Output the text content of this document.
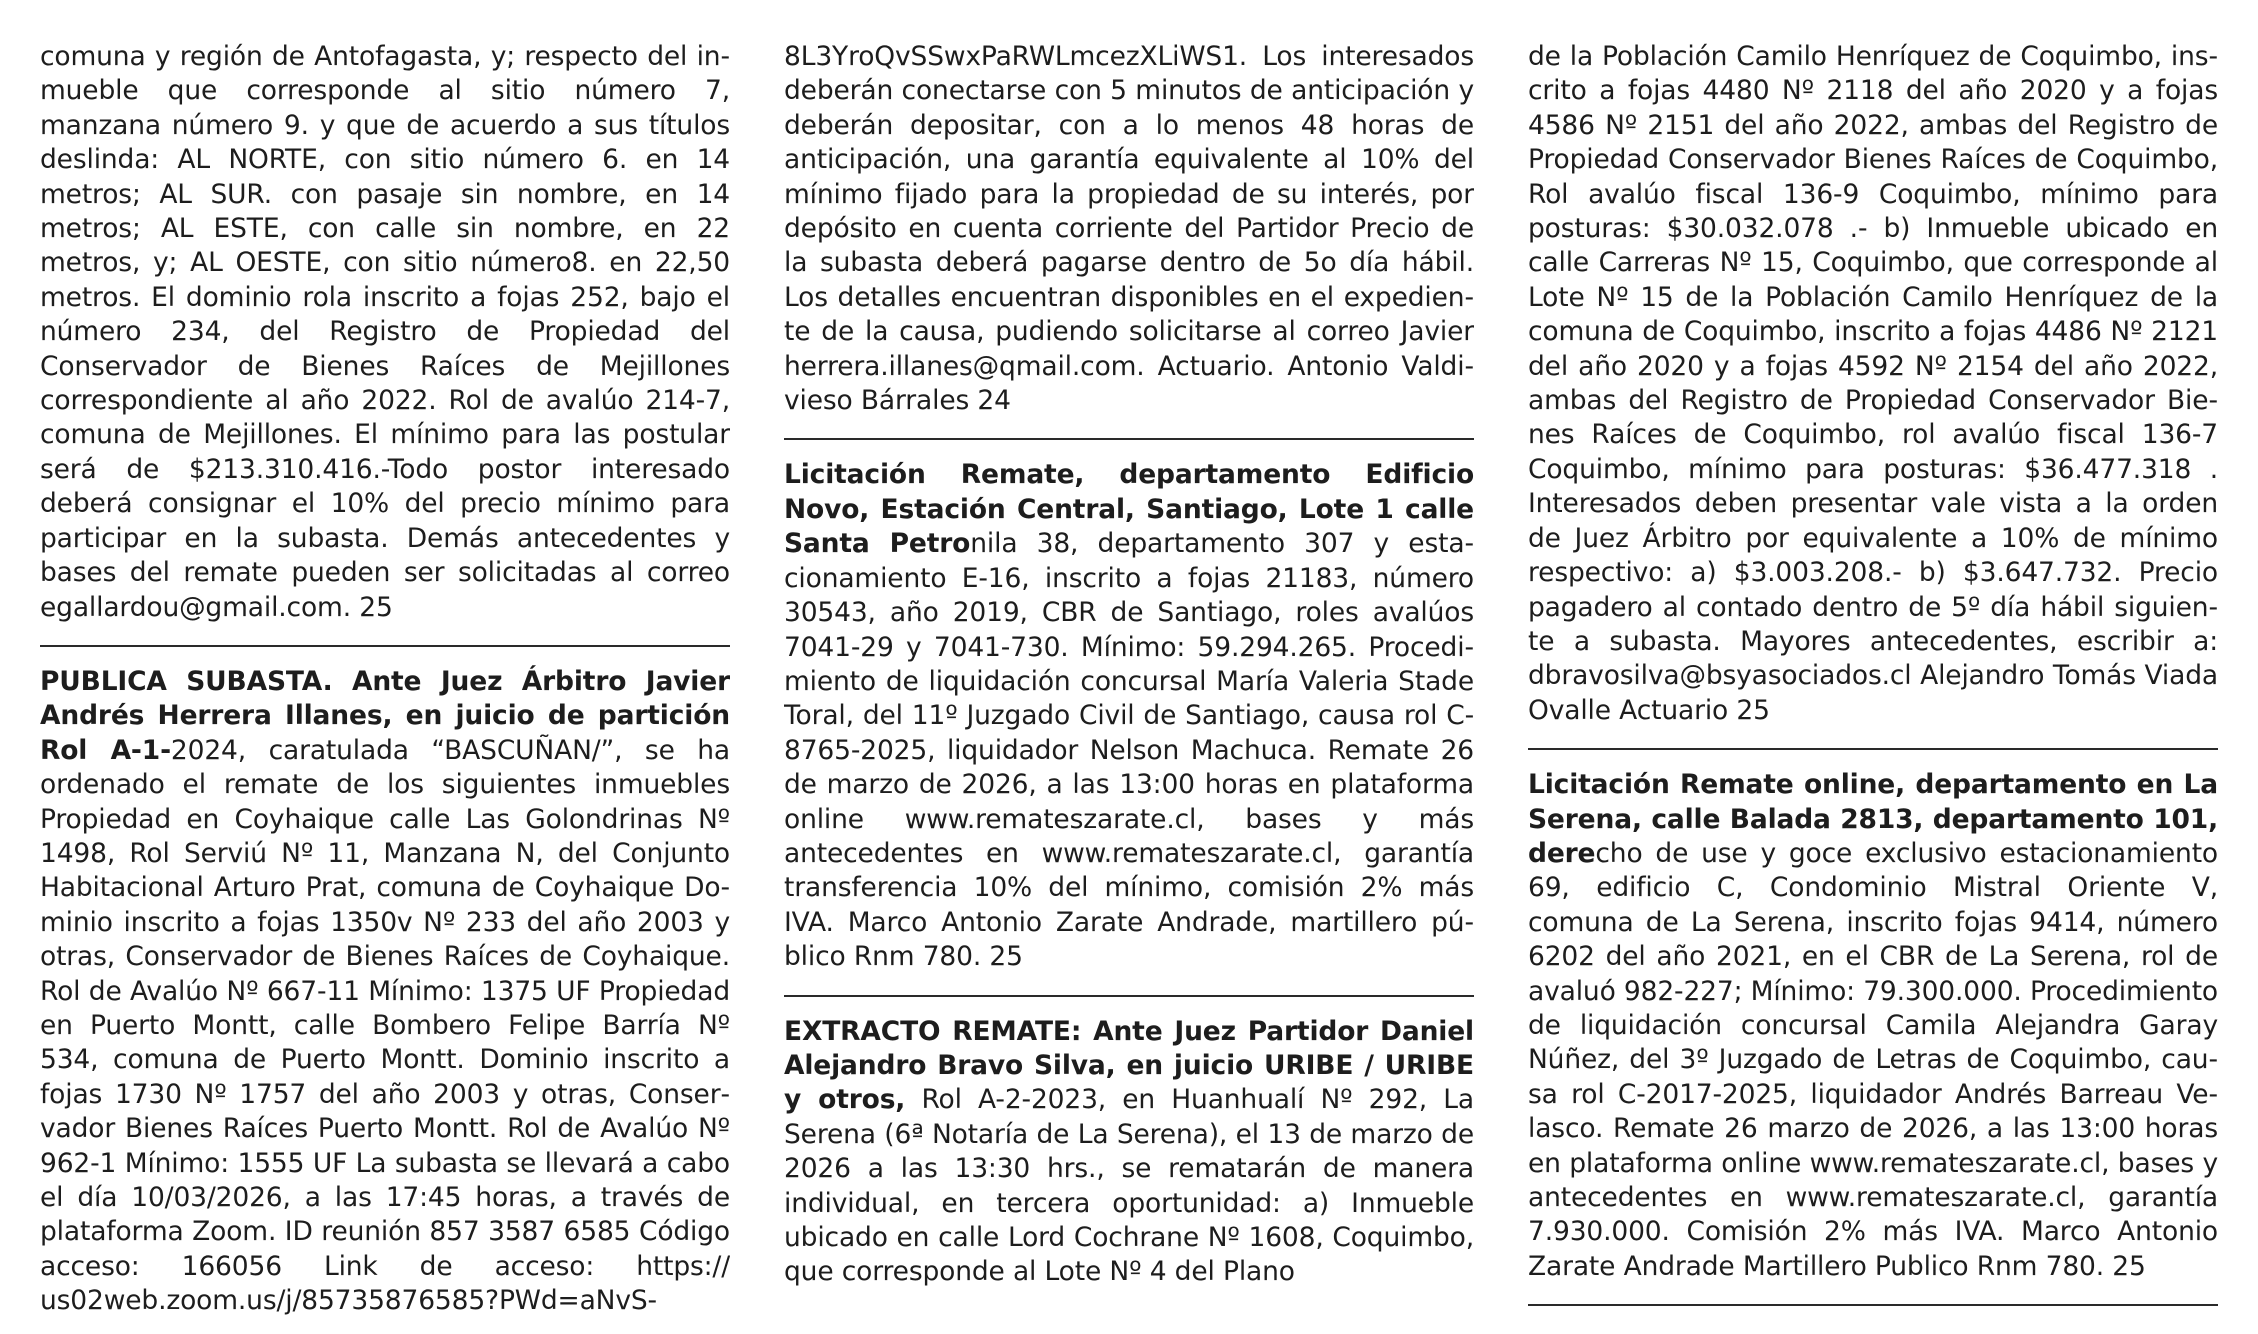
comuna y región de Antofagasta, y; respecto del inmueble que corresponde al sitio número 7, manzana número 9. y que de acuerdo a sus títulos deslinda: AL NORTE, con sitio número 6. en 14 metros; AL SUR. con pasaje sin nombre, en 14 metros; AL ESTE, con calle sin nombre, en 22 metros, y; AL OESTE, con sitio número8. en 22,50 metros. El dominio rola inscrito a fojas 252, bajo el número 234, del Registro de Propiedad del Conservador de Bienes Raíces de Mejillones correspondiente al año 2022. Rol de avalúo 214-7, comuna de Mejillones. El mínimo para las postular será de $213.310.416.-Todo postor interesado deberá consignar el 10% del precio mínimo para participar en la subasta. Demás antecedentes y bases del remate pueden ser solicitadas al correo egallardou@gmail.com. 25

PUBLICA SUBASTA. Ante Juez Árbitro Javier Andrés Herrera Illanes, en juicio de partición Rol A-1-2024, caratulada “BASCUÑAN/”, se ha ordenado el remate de los siguientes inmuebles Propiedad en Coyhaique calle Las Golondrinas Nº 1498, Rol Serviú Nº 11, Manzana N, del Conjunto Habitacional Arturo Prat, comuna de Coyhaique Dominio inscrito a fojas 1350v Nº 233 del año 2003 y otras, Conservador de Bienes Raíces de Coyhaique. Rol de Avalúo Nº 667-11 Mínimo: 1375 UF Propiedad en Puerto Montt, calle Bombero Felipe Barría Nº 534, comuna de Puerto Montt. Dominio inscrito a fojas 1730 Nº 1757 del año 2003 y otras, Conservador Bienes Raíces Puerto Montt. Rol de Avalúo Nº 962-1 Mínimo: 1555 UF La subasta se llevará a cabo el día 10/03/2026, a las 17:45 horas, a través de plataforma Zoom. ID reunión 857 3587 6585 Código acceso: 166056 Link de acceso: https:// us02web.zoom.us/j/85735876585?PWd=aNvS-

8L3YroQvSSwxPaRWLmcezXLiWS1. Los interesados deberán conectarse con 5 minutos de anticipación y deberán depositar, con a lo menos 48 horas de anticipación, una garantía equivalente al 10% del mínimo fijado para la propiedad de su interés, por depósito en cuenta corriente del Partidor Precio de la subasta deberá pagarse dentro de 5o día hábil. Los detalles encuentran disponibles en el expediente de la causa, pudiendo solicitarse al correo Javier herrera.illanes@qmail.com. Actuario. Antonio Valdivieso Bárrales 24

Licitación Remate, departamento Edificio Novo, Estación Central, Santiago, Lote 1 calle Santa Petronila 38, departamento 307 y estacionamiento E-16, inscrito a fojas 21183, número 30543, año 2019, CBR de Santiago, roles avalúos 7041-29 y 7041-730. Mínimo: 59.294.265. Procedimiento de liquidación concursal María Valeria Stade Toral, del 11º Juzgado Civil de Santiago, causa rol C-8765-2025, liquidador Nelson Machuca. Remate 26 de marzo de 2026, a las 13:00 horas en plataforma online www.remateszarate.cl, bases y más antecedentes en www.remateszarate.cl, garantía transferencia 10% del mínimo, comisión 2% más IVA. Marco Antonio Zarate Andrade, martillero público Rnm 780. 25

EXTRACTO REMATE: Ante Juez Partidor Daniel Alejandro Bravo Silva, en juicio URIBE / URIBE y otros, Rol A-2-2023, en Huanhualí Nº 292, La Serena (6ª Notaría de La Serena), el 13 de marzo de 2026 a las 13:30 hrs., se rematarán de manera individual, en tercera oportunidad: a) Inmueble ubicado en calle Lord Cochrane Nº 1608, Coquimbo, que corresponde al Lote Nº 4 del Plano

de la Población Camilo Henríquez de Coquimbo, inscrito a fojas 4480 Nº 2118 del año 2020 y a fojas 4586 Nº 2151 del año 2022, ambas del Registro de Propiedad Conservador Bienes Raíces de Coquimbo, Rol avalúo fiscal 136-9 Coquimbo, mínimo para posturas: $30.032.078 .- b) Inmueble ubicado en calle Carreras Nº 15, Coquimbo, que corresponde al Lote Nº 15 de la Población Camilo Henríquez de la comuna de Coquimbo, inscrito a fojas 4486 Nº 2121 del año 2020 y a fojas 4592 Nº 2154 del año 2022, ambas del Registro de Propiedad Conservador Bienes Raíces de Coquimbo, rol avalúo fiscal 136-7 Coquimbo, mínimo para posturas: $36.477.318 . Interesados deben presentar vale vista a la orden de Juez Árbitro por equivalente a 10% de mínimo respectivo: a) $3.003.208.- b) $3.647.732. Precio pagadero al contado dentro de 5º día hábil siguiente a subasta. Mayores antecedentes, escribir a: dbravosilva@bsyasociados.cl Alejandro Tomás Viada Ovalle Actuario 25

Licitación Remate online, departamento en La Serena, calle Balada 2813, departamento 101, derecho de use y goce exclusivo estacionamiento 69, edificio C, Condominio Mistral Oriente V, comuna de La Serena, inscrito fojas 9414, número 6202 del año 2021, en el CBR de La Serena, rol de avaluó 982-227; Mínimo: 79.300.000. Procedimiento de liquidación concursal Camila Alejandra Garay Núñez, del 3º Juzgado de Letras de Coquimbo, causa rol C-2017-2025, liquidador Andrés Barreau Velasco. Remate 26 marzo de 2026, a las 13:00 horas en plataforma online www.remateszarate.cl, bases y antecedentes en www.remateszarate.cl, garantía 7.930.000. Comisión 2% más IVA. Marco Antonio Zarate Andrade Martillero Publico Rnm 780. 25
